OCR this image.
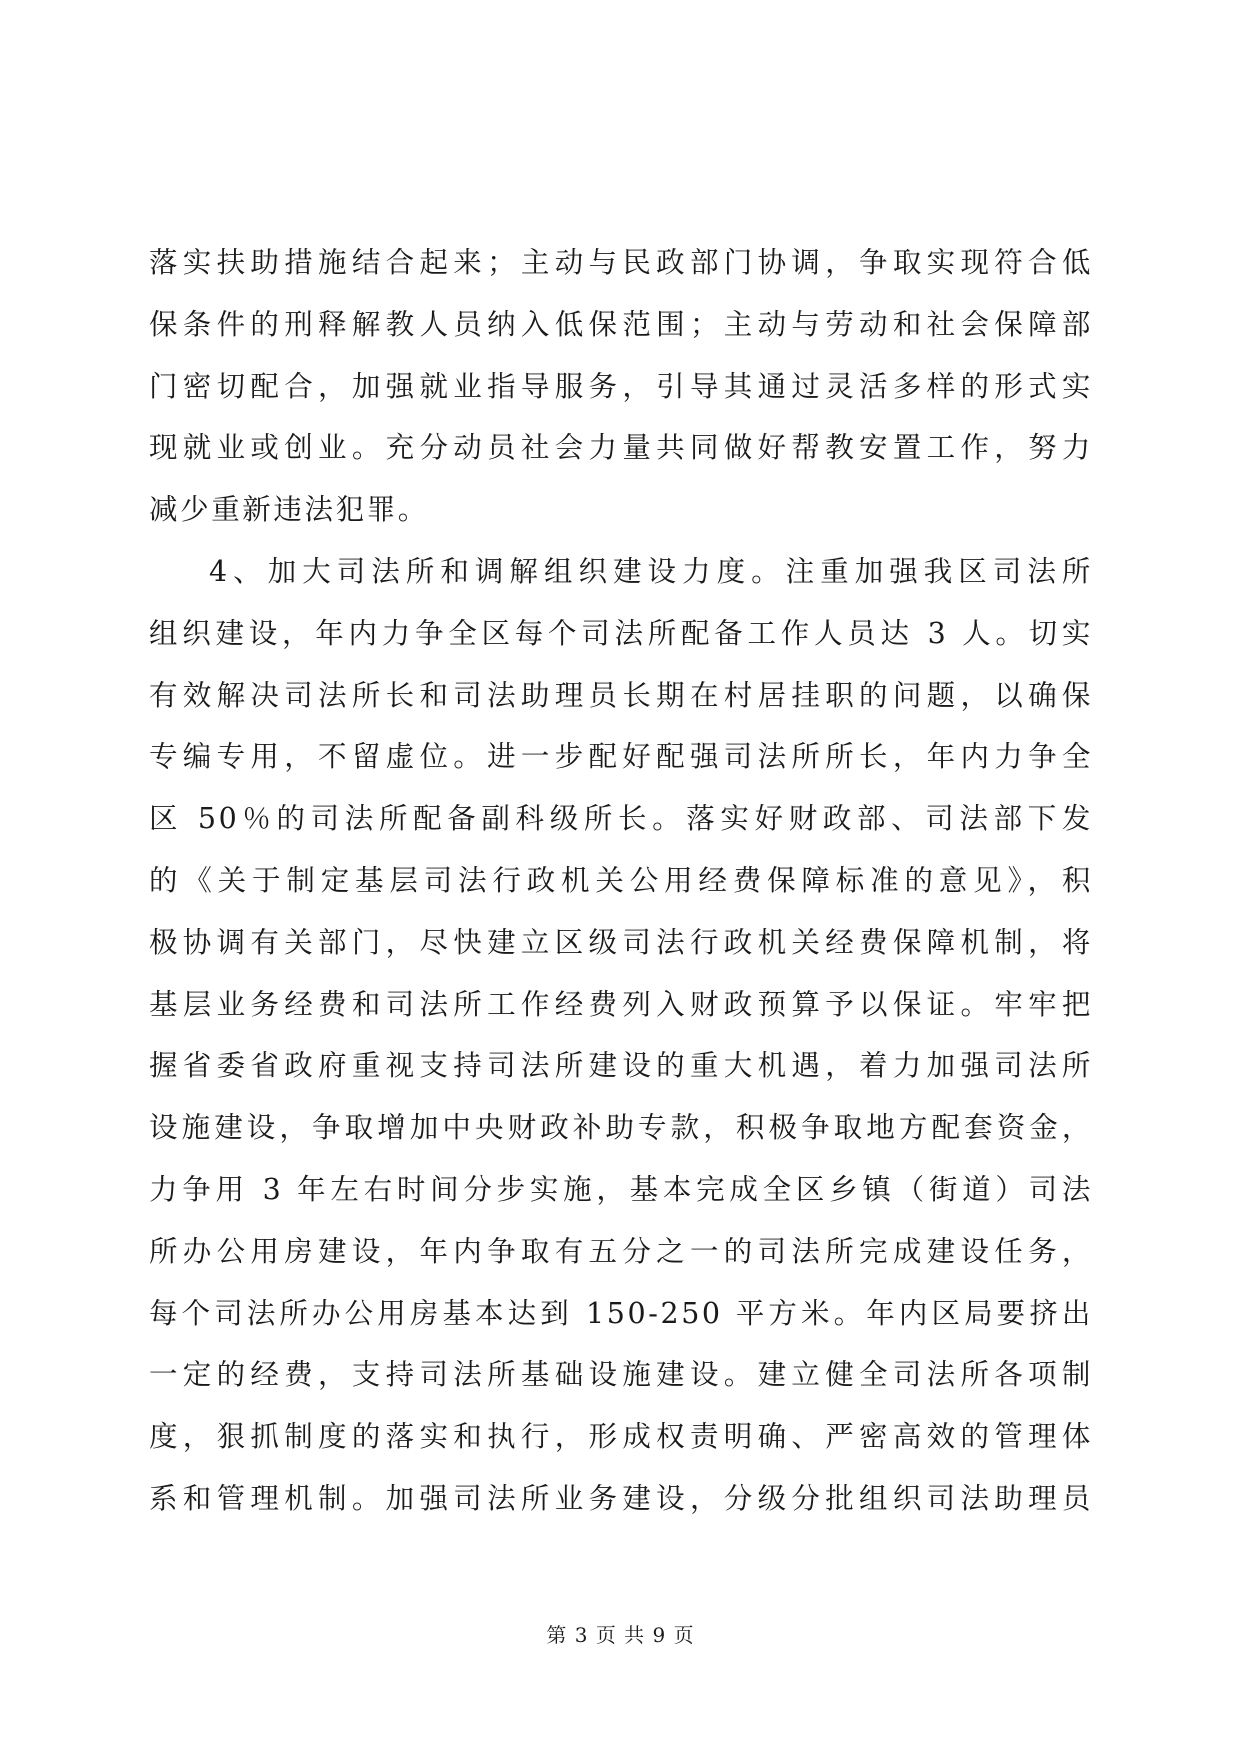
落实扶助措施结合起来；主动与民政部门协调，争取实现符合低
保条件的刑释解教人员纳入低保范围；主动与劳动和社会保障部
门密切配合，加强就业指导服务，引导其通过灵活多样的形式实
现就业或创业。充分动员社会力量共同做好帮教安置工作，努力
减少重新违法犯罪。
4、加大司法所和调解组织建设力度。注重加强我区司法所
组织建设，年内力争全区每个司法所配备工作人员达 3 人。切实
有效解决司法所长和司法助理员长期在村居挂职的问题，以确保
专编专用，不留虚位。进一步配好配强司法所所长，年内力争全
区 50％的司法所配备副科级所长。落实好财政部、司法部下发
的《关于制定基层司法行政机关公用经费保障标准的意见》，积
极协调有关部门，尽快建立区级司法行政机关经费保障机制，将
基层业务经费和司法所工作经费列入财政预算予以保证。牢牢把
握省委省政府重视支持司法所建设的重大机遇，着力加强司法所
设施建设，争取增加中央财政补助专款，积极争取地方配套资金，
力争用 3 年左右时间分步实施，基本完成全区乡镇（街道）司法
所办公用房建设，年内争取有五分之一的司法所完成建设任务，
每个司法所办公用房基本达到 150-250 平方米。年内区局要挤出
一定的经费，支持司法所基础设施建设。建立健全司法所各项制
度，狠抓制度的落实和执行，形成权责明确、严密高效的管理体
系和管理机制。加强司法所业务建设，分级分批组织司法助理员
第 3 页 共 9 页
